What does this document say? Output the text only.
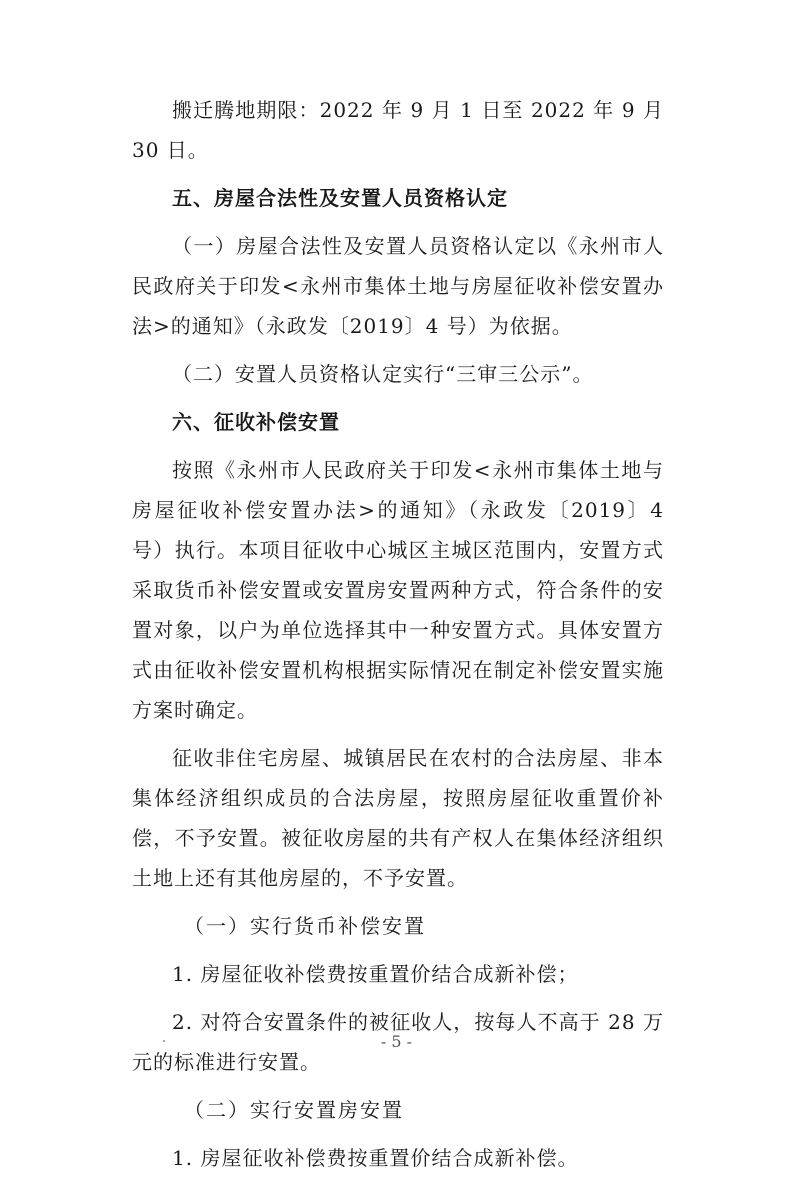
搬迁腾地期限：2022 年 9 月 1 日至 2022 年 9 月 30 日。

五、房屋合法性及安置人员资格认定

（一）房屋合法性及安置人员资格认定以《永州市人民政府关于印发<永州市集体土地与房屋征收补偿安置办法>的通知》（永政发〔2019〕4 号）为依据。

（二）安置人员资格认定实行“三审三公示”。

六、征收补偿安置

按照《永州市人民政府关于印发<永州市集体土地与房屋征收补偿安置办法>的通知》（永政发〔2019〕4 号）执行。本项目征收中心城区主城区范围内，安置方式采取货币补偿安置或安置房安置两种方式，符合条件的安置对象，以户为单位选择其中一种安置方式。具体安置方式由征收补偿安置机构根据实际情况在制定补偿安置实施方案时确定。

征收非住宅房屋、城镇居民在农村的合法房屋、非本集体经济组织成员的合法房屋，按照房屋征收重置价补偿，不予安置。被征收房屋的共有产权人在集体经济组织土地上还有其他房屋的，不予安置。

（一）实行货币补偿安置

1. 房屋征收补偿费按重置价结合成新补偿；

2. 对符合安置条件的被征收人，按每人不高于 28 万元的标准进行安置。

（二）实行安置房安置

1. 房屋征收补偿费按重置价结合成新补偿。

- 5 -
